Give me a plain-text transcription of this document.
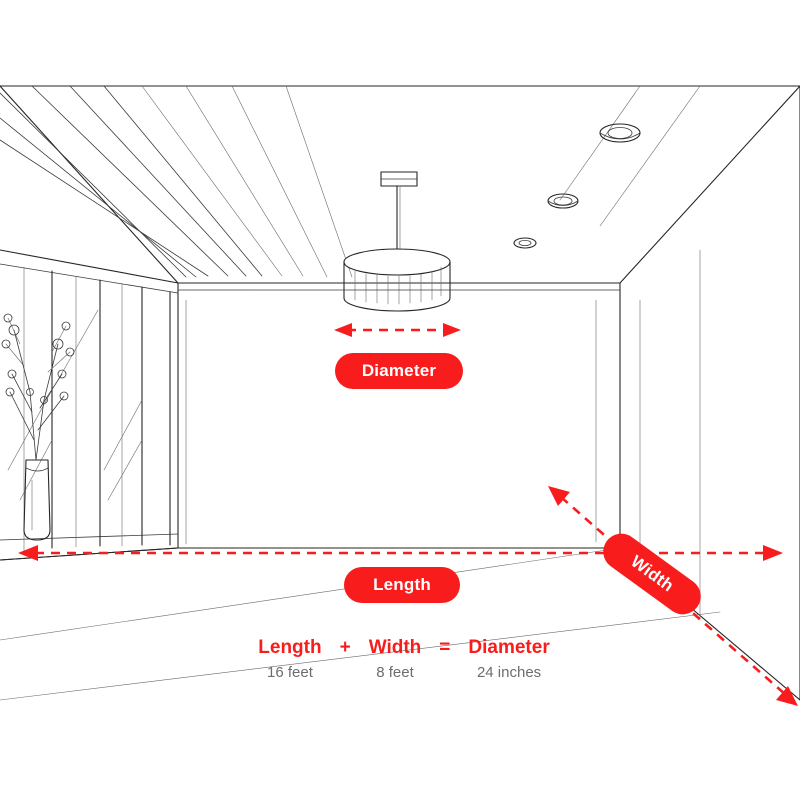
Diameter
Length	Width
Length
16 feet
+ Width
8 feet
= Diameter
24 inches
